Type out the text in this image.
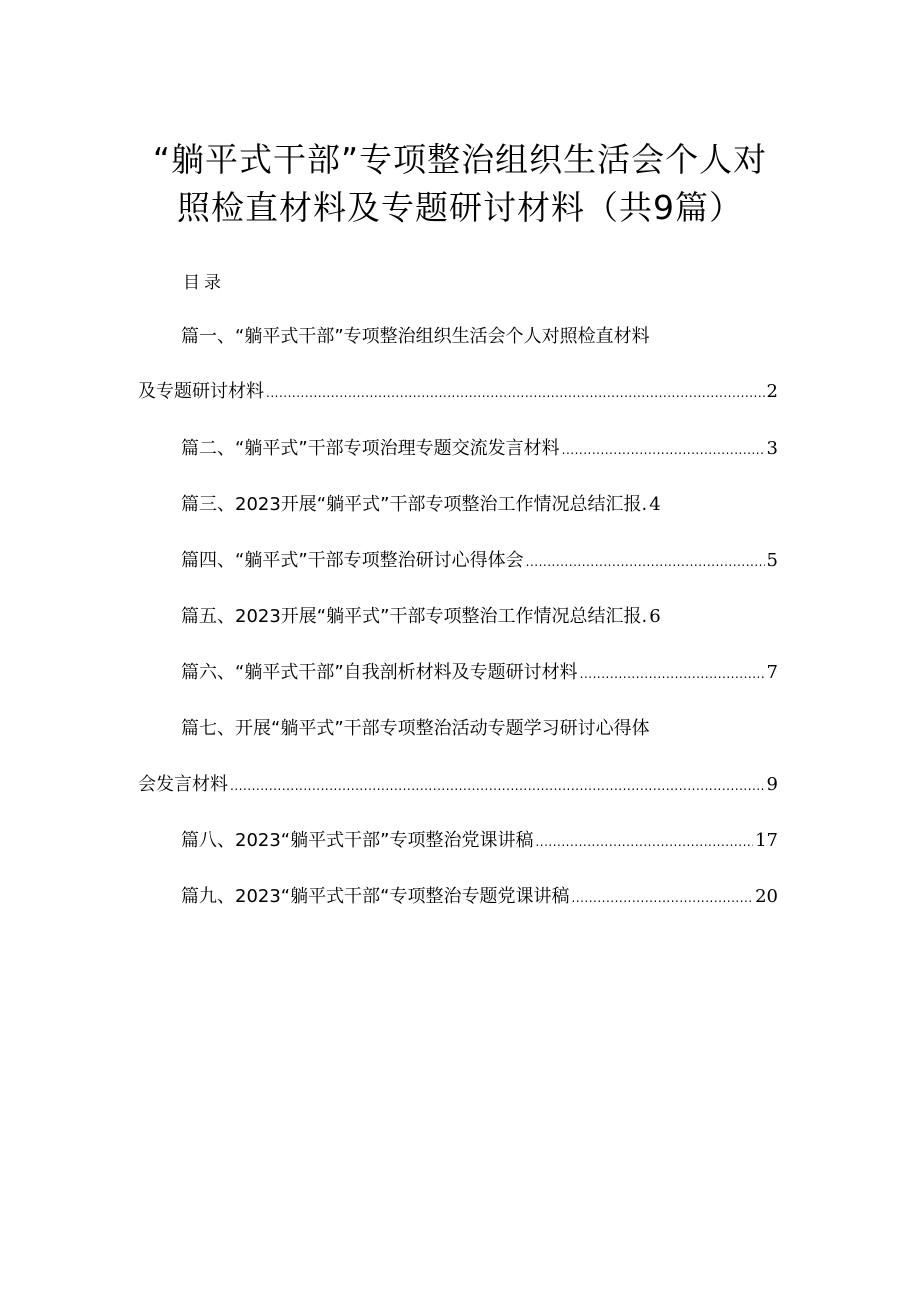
“躺平式干部”专项整治组织生活会个人对
照检直材料及专题研讨材料（共9篇）
目录
篇一、“躺平式干部”专项整治组织生活会个人对照检直材料
及专题研讨材料 .....	2
篇二、“躺平式”干部专项治理专题交流发言材料 .....	3
篇三、2023开展“躺平式”干部专项整治工作情况总结汇报. 4
篇四、“躺平式”干部专项整治研讨心得体会 .....	5
篇五、2023开展“躺平式”干部专项整治工作情况总结汇报. 6
篇六、“躺平式干部”自我剖析材料及专题研讨材料 .....	7
篇七、开展“躺平式”干部专项整治活动专题学习研讨心得体
会发言材料 .....	9
篇八、2023“躺平式干部”专项整治党课讲稿 .....	17
篇九、2023“躺平式干部“专项整治专题党课讲稿 .....	20
